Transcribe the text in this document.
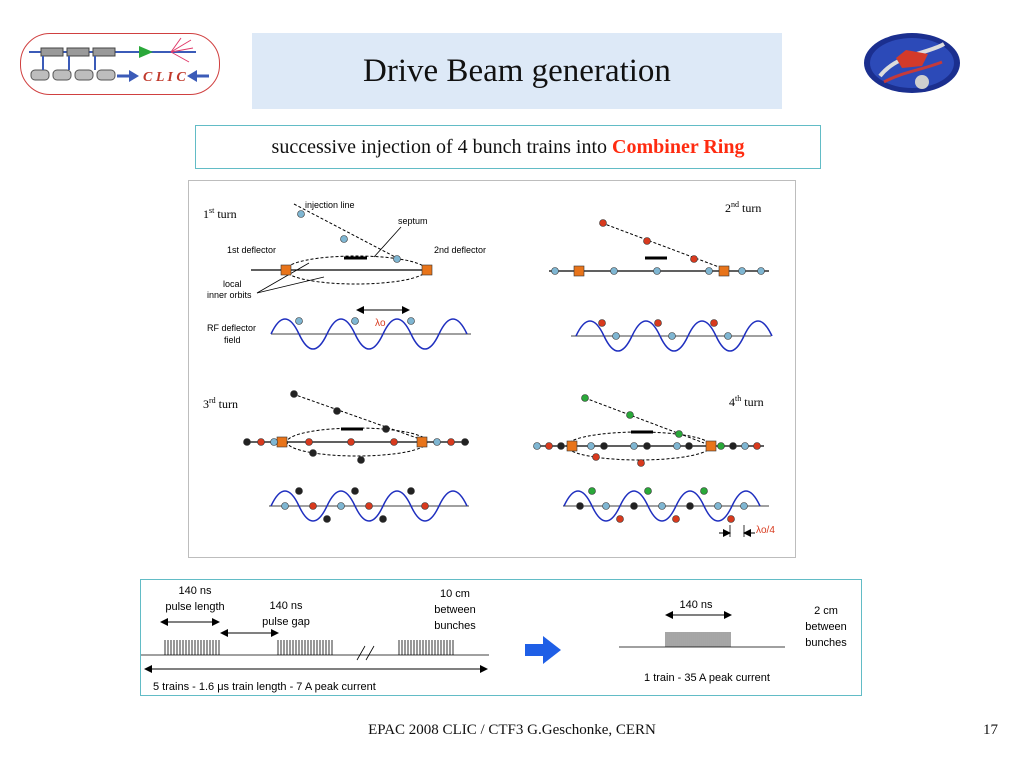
C L I C	Drive Beam generation
successive injection of 4 bunch trains into Combiner Ring
1st turn
injection line
septum
1st deflector	2nd deflector
local
inner orbits
RF deflector
field
λo
2nd turn
3rd turn	4th turn
λo/4
140 ns
pulse length	140 ns
pulse gap
10 cm
between
bunches
5 trains - 1.6 μs train length - 7 A peak current
140 ns	2 cm
between
bunches
1 train - 35 A peak current
EPAC 2008 CLIC / CTF3 G.Geschonke, CERN	17
